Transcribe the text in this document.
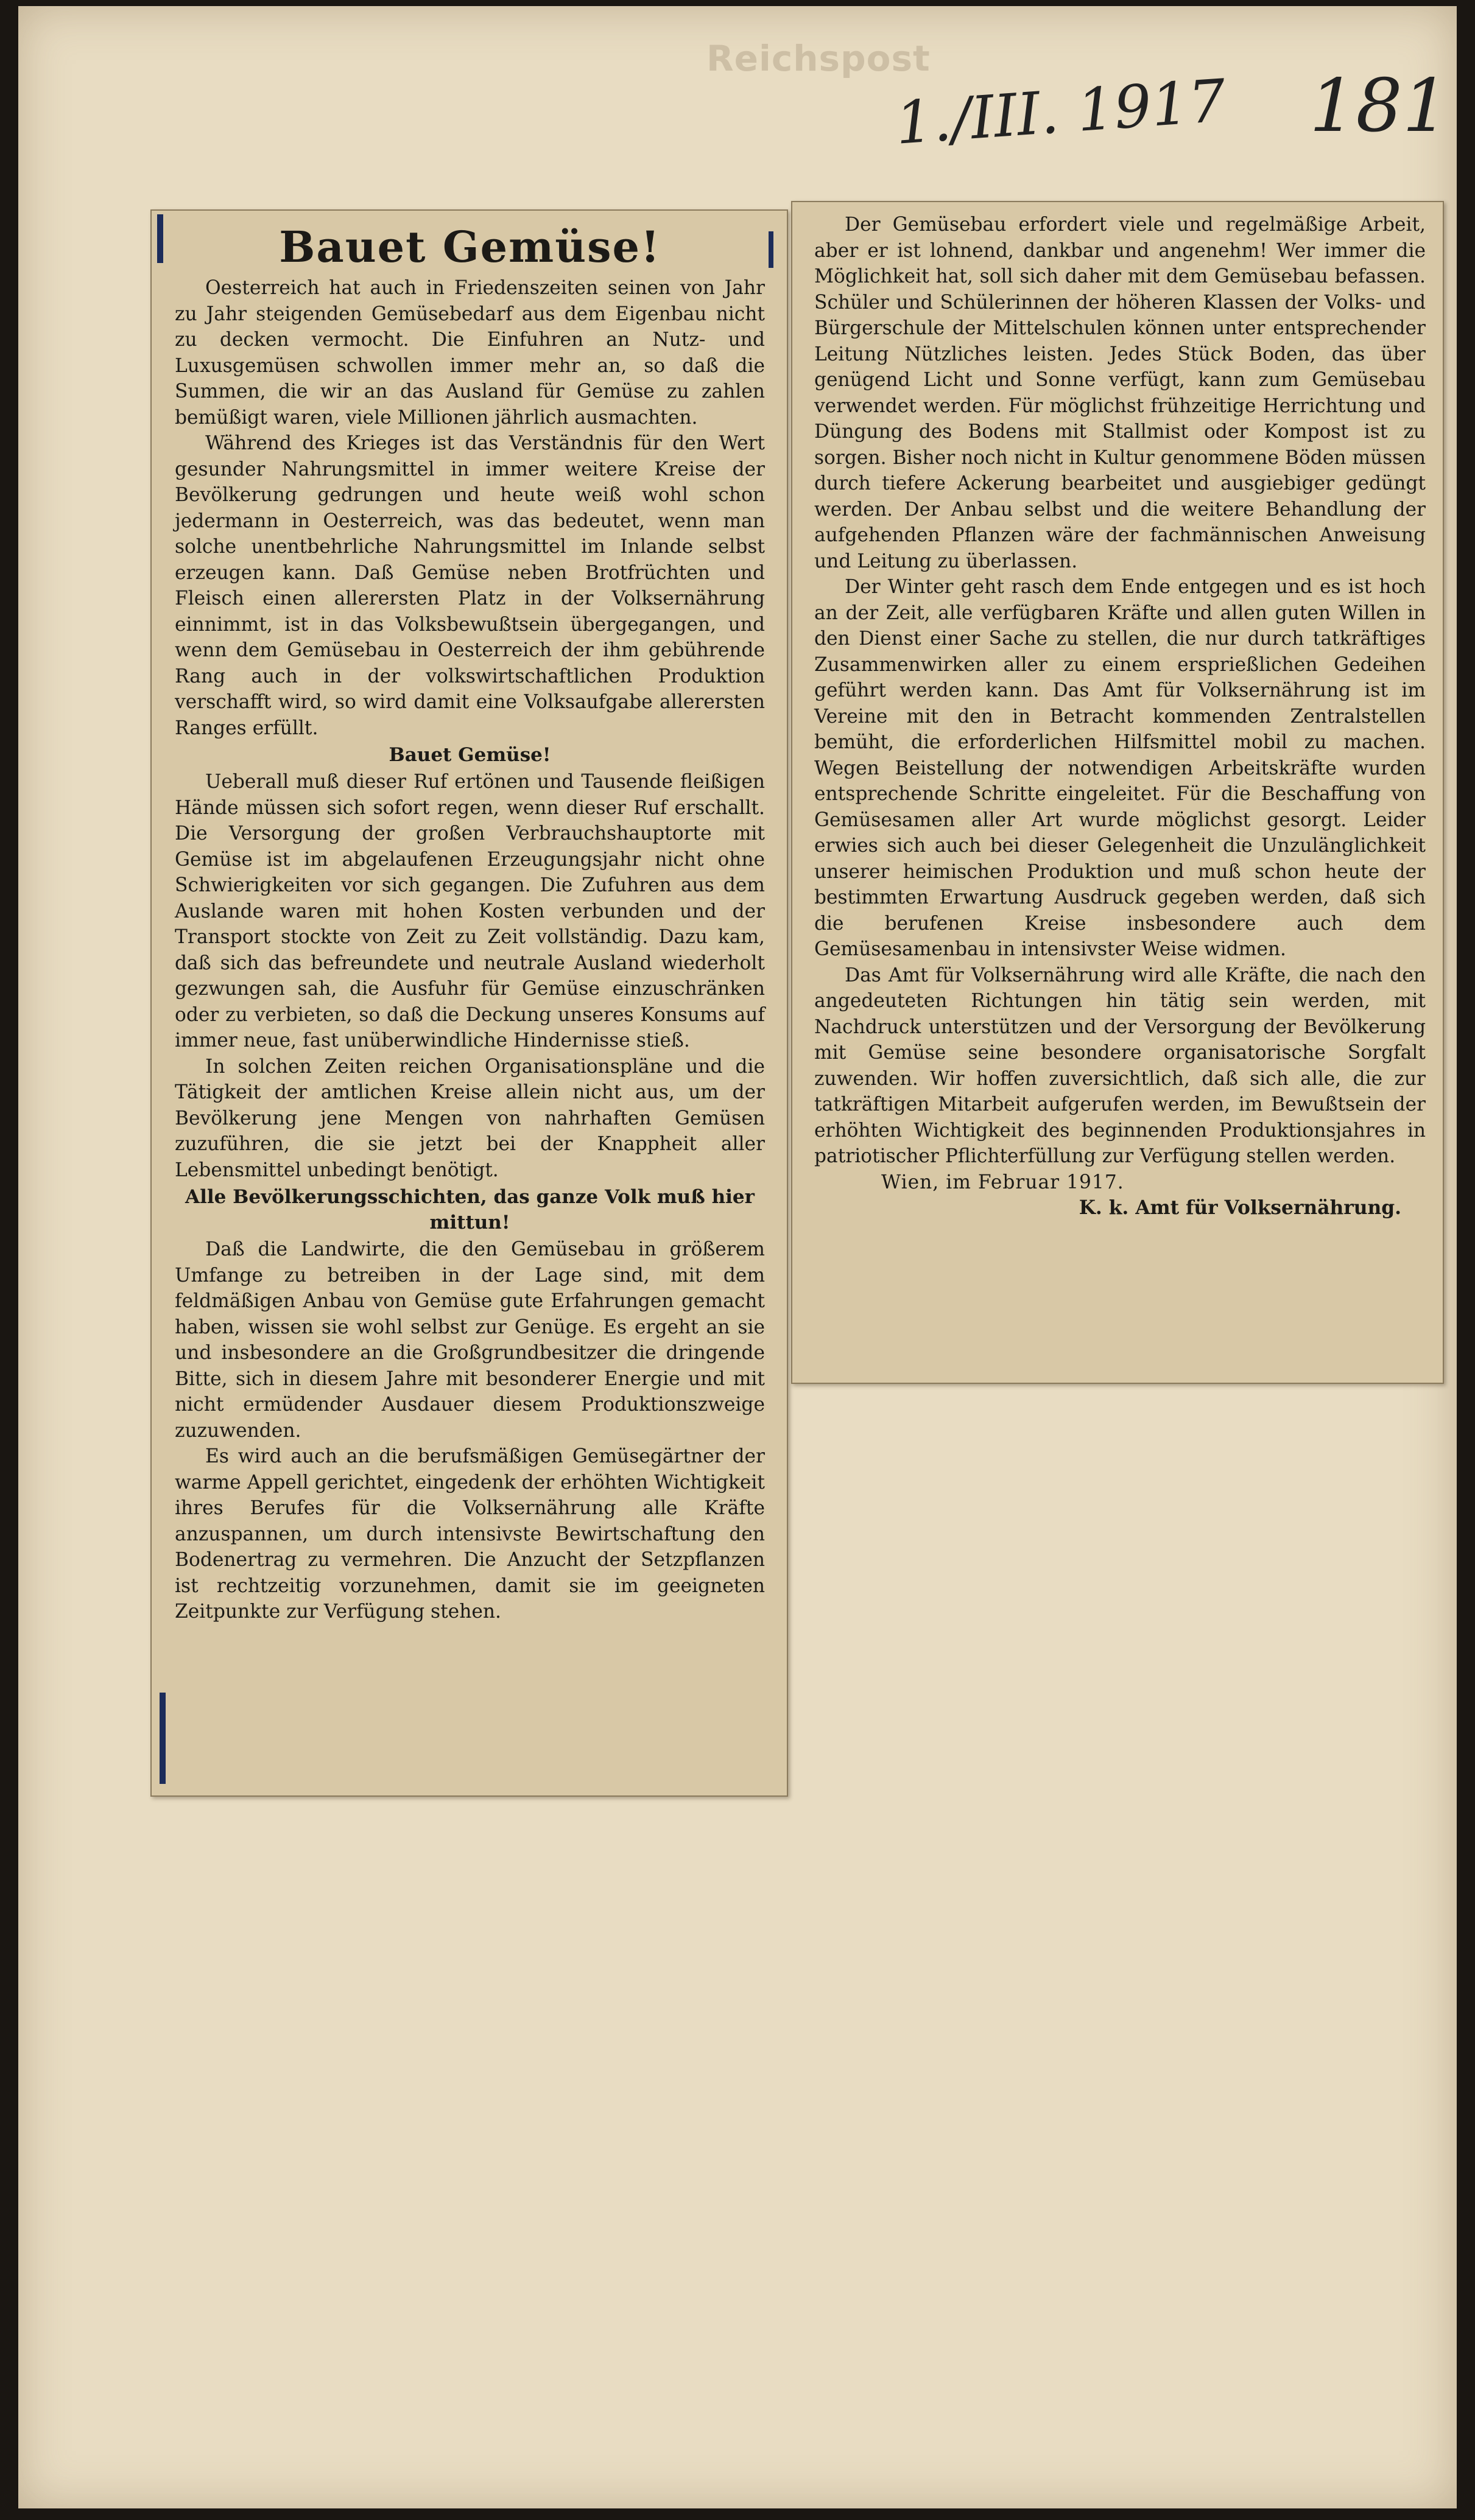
Reichspost
1./III. 1917 181
Bauet Gemüse!

Oesterreich hat auch in Friedenszeiten seinen von Jahr zu Jahr steigenden Gemüsebedarf aus dem Eigenbau nicht zu decken vermocht. Die Einfuhren an Nutz- und Luxusgemüsen schwollen immer mehr an, so daß die Summen, die wir an das Ausland für Gemüse zu zahlen bemüßigt waren, viele Millionen jährlich ausmachten.

Während des Krieges ist das Verständnis für den Wert gesunder Nahrungsmittel in immer weitere Kreise der Bevölkerung gedrungen und heute weiß wohl schon jedermann in Oesterreich, was das bedeutet, wenn man solche unentbehrliche Nahrungsmittel im Inlande selbst erzeugen kann. Daß Gemüse neben Brotfrüchten und Fleisch einen allerersten Platz in der Volksernährung einnimmt, ist in das Volksbewußtsein übergegangen, und wenn dem Gemüsebau in Oesterreich der ihm gebührende Rang auch in der volkswirtschaftlichen Produktion verschafft wird, so wird damit eine Volksaufgabe allerersten Ranges erfüllt.

Bauet Gemüse!

Ueberall muß dieser Ruf ertönen und Tausende fleißigen Hände müssen sich sofort regen, wenn dieser Ruf erschallt. Die Versorgung der großen Verbrauchshauptorte mit Gemüse ist im abgelaufenen Erzeugungsjahr nicht ohne Schwierigkeiten vor sich gegangen. Die Zufuhren aus dem Auslande waren mit hohen Kosten verbunden und der Transport stockte von Zeit zu Zeit vollständig. Dazu kam, daß sich das befreundete und neutrale Ausland wiederholt gezwungen sah, die Ausfuhr für Gemüse einzuschränken oder zu verbieten, so daß die Deckung unseres Konsums auf immer neue, fast unüberwindliche Hindernisse stieß.

In solchen Zeiten reichen Organisationspläne und die Tätigkeit der amtlichen Kreise allein nicht aus, um der Bevölkerung jene Mengen von nahrhaften Gemüsen zuzuführen, die sie jetzt bei der Knappheit aller Lebensmittel unbedingt benötigt.

Alle Bevölkerungsschichten, das ganze Volk muß hier mittun!

Daß die Landwirte, die den Gemüsebau in größerem Umfange zu betreiben in der Lage sind, mit dem feldmäßigen Anbau von Gemüse gute Erfahrungen gemacht haben, wissen sie wohl selbst zur Genüge. Es ergeht an sie und insbesondere an die Großgrundbesitzer die dringende Bitte, sich in diesem Jahre mit besonderer Energie und mit nicht ermüdender Ausdauer diesem Produktionszweige zuzuwenden.

Es wird auch an die berufsmäßigen Gemüsegärtner der warme Appell gerichtet, eingedenk der erhöhten Wichtigkeit ihres Berufes für die Volksernährung alle Kräfte anzuspannen, um durch intensivste Bewirtschaftung den Bodenertrag zu vermehren. Die Anzucht der Setzpflanzen ist rechtzeitig vorzunehmen, damit sie im geeigneten Zeitpunkte zur Verfügung stehen.

Der Gemüsebau erfordert viele und regelmäßige Arbeit, aber er ist lohnend, dankbar und angenehm! Wer immer die Möglichkeit hat, soll sich daher mit dem Gemüsebau befassen. Schüler und Schülerinnen der höheren Klassen der Volks- und Bürgerschule der Mittelschulen können unter entsprechender Leitung Nützliches leisten. Jedes Stück Boden, das über genügend Licht und Sonne verfügt, kann zum Gemüsebau verwendet werden. Für möglichst frühzeitige Herrichtung und Düngung des Bodens mit Stallmist oder Kompost ist zu sorgen. Bisher noch nicht in Kultur genommene Böden müssen durch tiefere Ackerung bearbeitet und ausgiebiger gedüngt werden. Der Anbau selbst und die weitere Behandlung der aufgehenden Pflanzen wäre der fachmännischen Anweisung und Leitung zu überlassen.

Der Winter geht rasch dem Ende entgegen und es ist hoch an der Zeit, alle verfügbaren Kräfte und allen guten Willen in den Dienst einer Sache zu stellen, die nur durch tatkräftiges Zusammenwirken aller zu einem ersprießlichen Gedeihen geführt werden kann. Das Amt für Volksernährung ist im Vereine mit den in Betracht kommenden Zentralstellen bemüht, die erforderlichen Hilfsmittel mobil zu machen. Wegen Beistellung der notwendigen Arbeitskräfte wurden entsprechende Schritte eingeleitet. Für die Beschaffung von Gemüsesamen aller Art wurde möglichst gesorgt. Leider erwies sich auch bei dieser Gelegenheit die Unzulänglichkeit unserer heimischen Produktion und muß schon heute der bestimmten Erwartung Ausdruck gegeben werden, daß sich die berufenen Kreise insbesondere auch dem Gemüsesamenbau in intensivster Weise widmen.

Das Amt für Volksernährung wird alle Kräfte, die nach den angedeuteten Richtungen hin tätig sein werden, mit Nachdruck unterstützen und der Versorgung der Bevölkerung mit Gemüse seine besondere organisatorische Sorgfalt zuwenden. Wir hoffen zuversichtlich, daß sich alle, die zur tatkräftigen Mitarbeit aufgerufen werden, im Bewußtsein der erhöhten Wichtigkeit des beginnenden Produktionsjahres in patriotischer Pflichterfüllung zur Verfügung stellen werden.

Wien, im Februar 1917.

K. k. Amt für Volksernährung.
